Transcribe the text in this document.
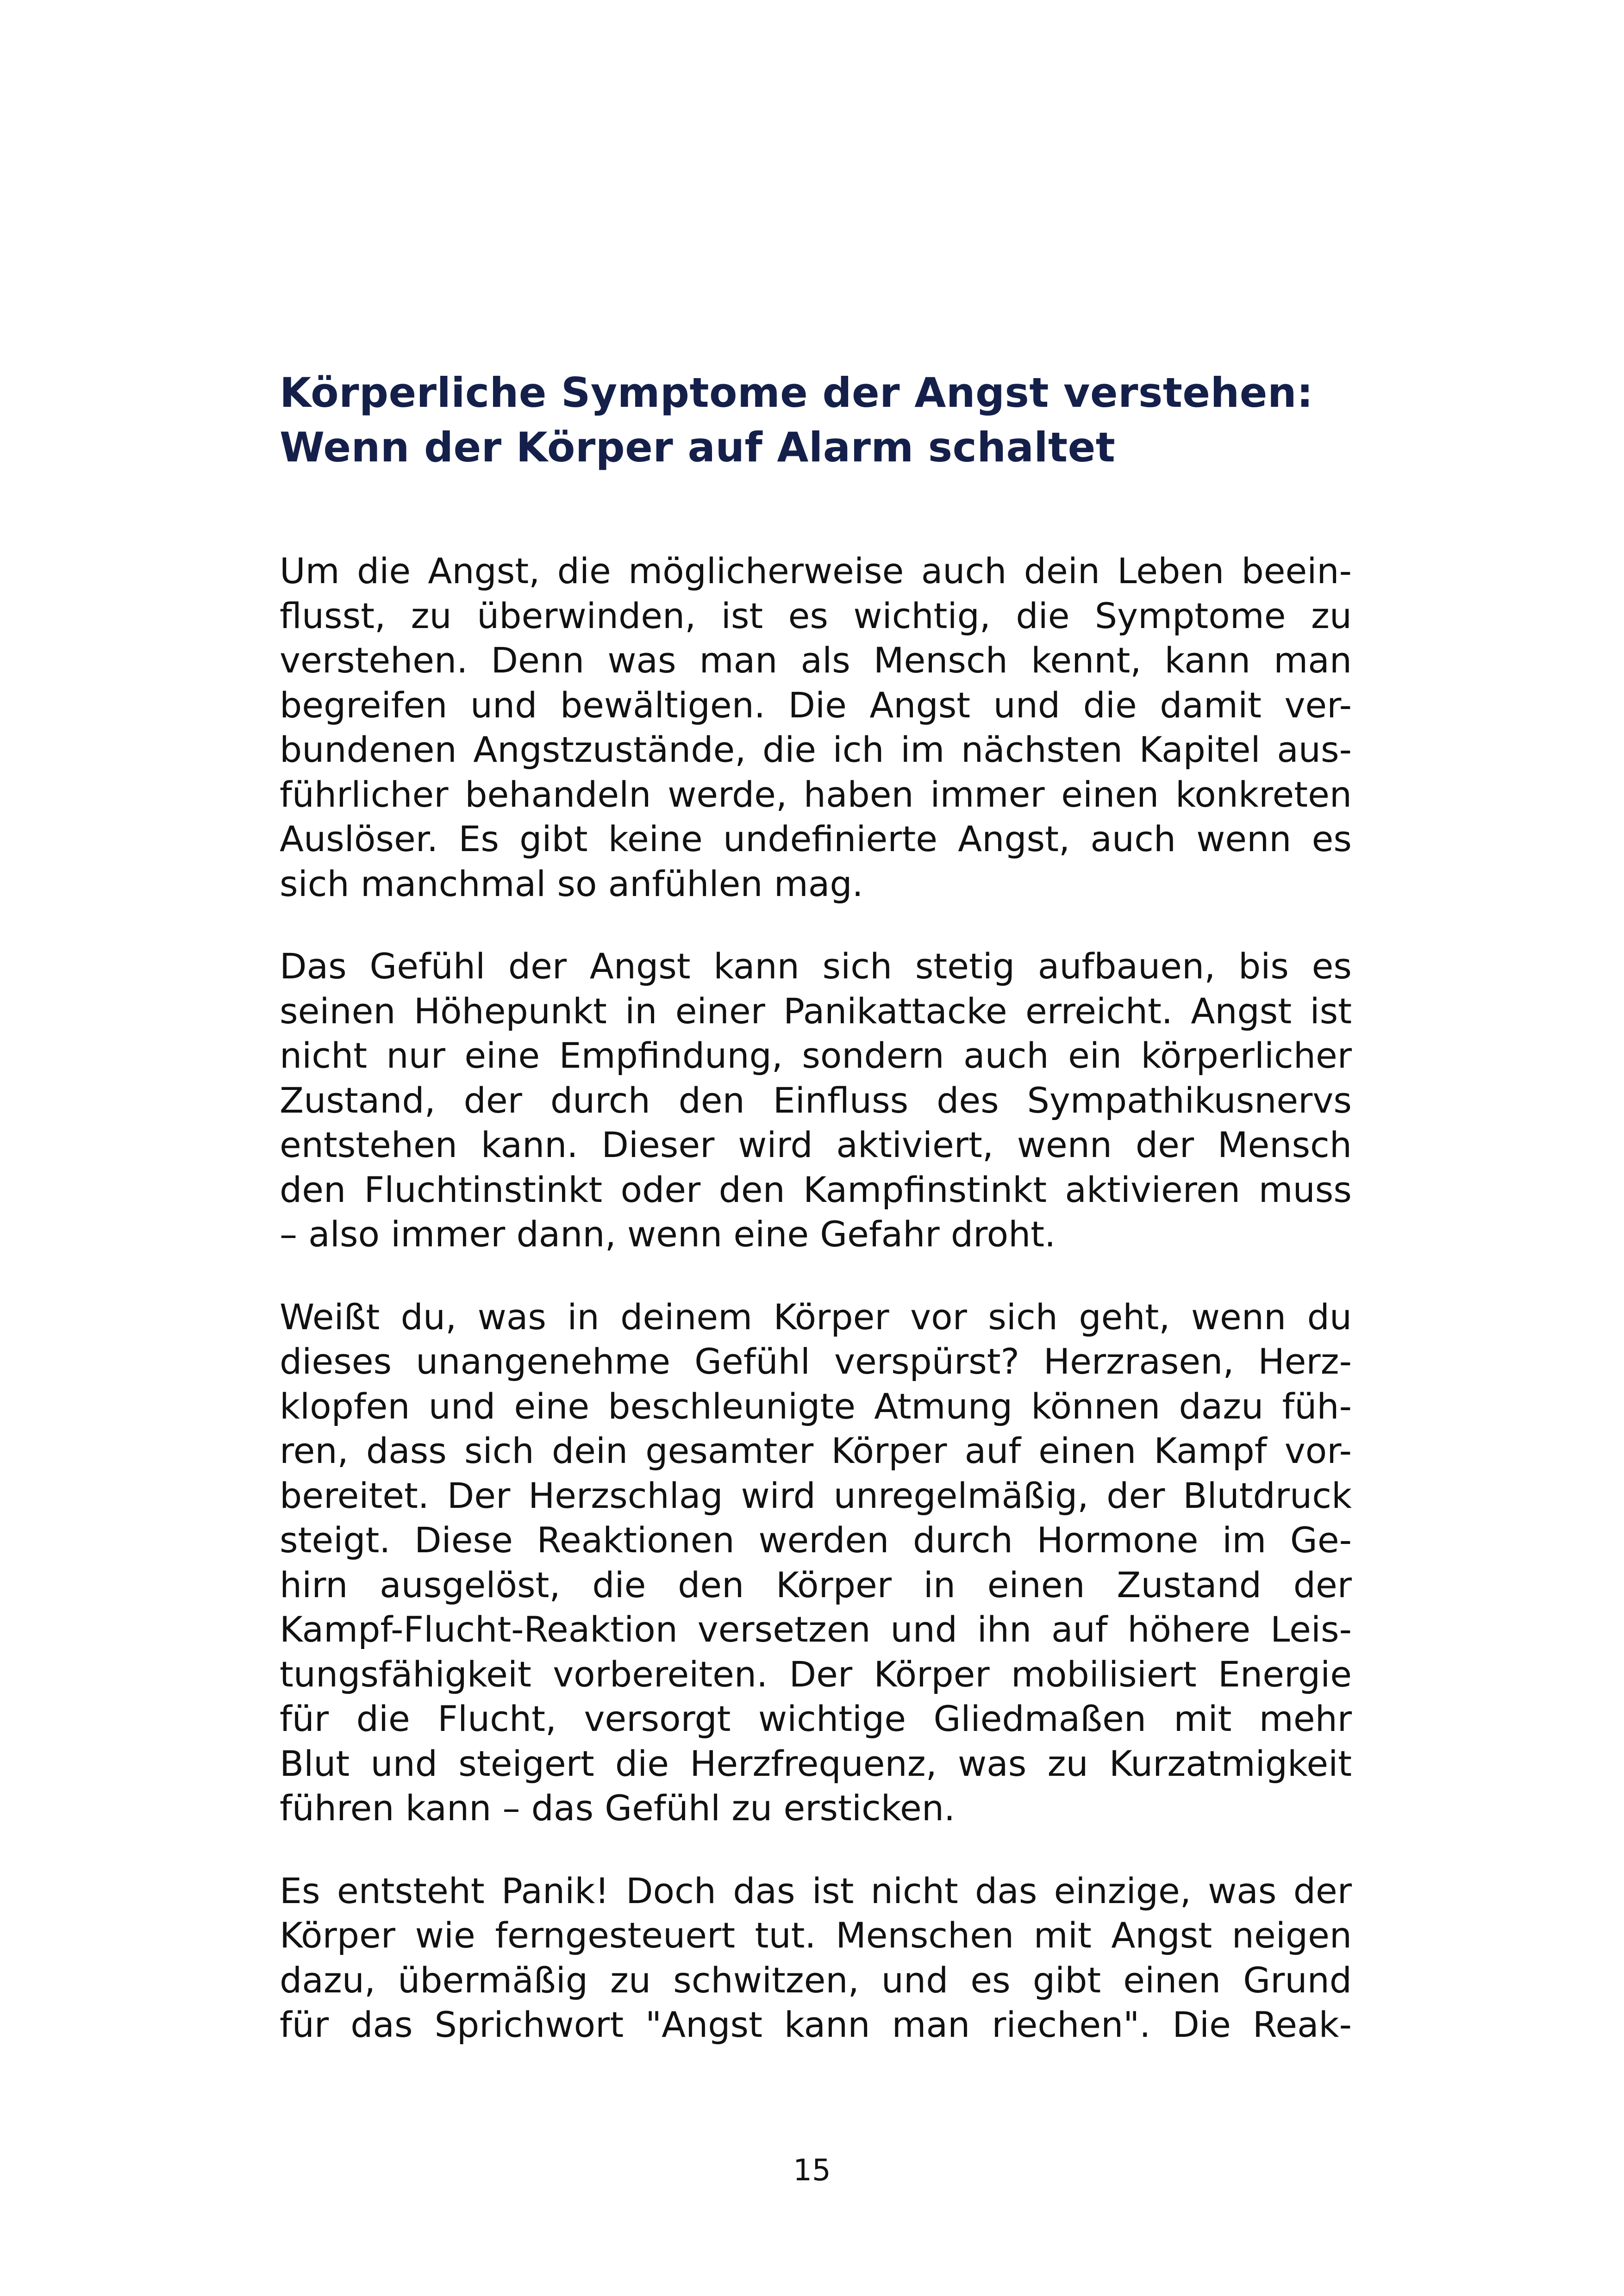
Körperliche Symptome der Angst verstehen:
Wenn der Körper auf Alarm schaltet

Um die Angst, die möglicherweise auch dein Leben beein-
flusst, zu überwinden, ist es wichtig, die Symptome zu
verstehen. Denn was man als Mensch kennt, kann man
begreifen und bewältigen. Die Angst und die damit ver-
bundenen Angstzustände, die ich im nächsten Kapitel aus-
führlicher behandeln werde, haben immer einen konkreten
Auslöser. Es gibt keine undefinierte Angst, auch wenn es
sich manchmal so anfühlen mag.

Das Gefühl der Angst kann sich stetig aufbauen, bis es
seinen Höhepunkt in einer Panikattacke erreicht. Angst ist
nicht nur eine Empfindung, sondern auch ein körperlicher
Zustand, der durch den Einfluss des Sympathikusnervs
entstehen kann. Dieser wird aktiviert, wenn der Mensch
den Fluchtinstinkt oder den Kampfinstinkt aktivieren muss
– also immer dann, wenn eine Gefahr droht.

Weißt du, was in deinem Körper vor sich geht, wenn du
dieses unangenehme Gefühl verspürst? Herzrasen, Herz-
klopfen und eine beschleunigte Atmung können dazu füh-
ren, dass sich dein gesamter Körper auf einen Kampf vor-
bereitet. Der Herzschlag wird unregelmäßig, der Blutdruck
steigt. Diese Reaktionen werden durch Hormone im Ge-
hirn ausgelöst, die den Körper in einen Zustand der
Kampf-Flucht-Reaktion versetzen und ihn auf höhere Leis-
tungsfähigkeit vorbereiten. Der Körper mobilisiert Energie
für die Flucht, versorgt wichtige Gliedmaßen mit mehr
Blut und steigert die Herzfrequenz, was zu Kurzatmigkeit
führen kann – das Gefühl zu ersticken.

Es entsteht Panik! Doch das ist nicht das einzige, was der
Körper wie ferngesteuert tut. Menschen mit Angst neigen
dazu, übermäßig zu schwitzen, und es gibt einen Grund
für das Sprichwort "Angst kann man riechen". Die Reak-

15
